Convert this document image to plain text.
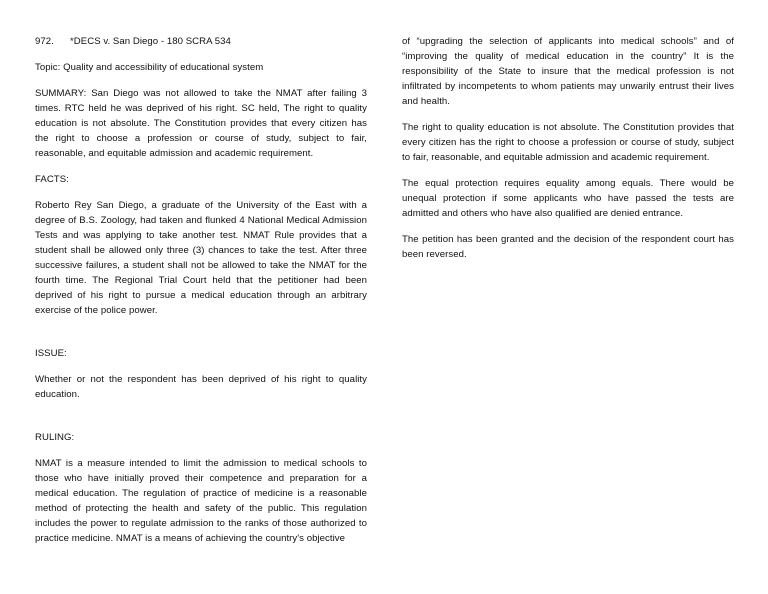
972.	*DECS v. San Diego - 180 SCRA 534

Topic: Quality and accessibility of educational system

SUMMARY: San Diego was not allowed to take the NMAT after failing 3 times. RTC held he was deprived of his right. SC held, The right to quality education is not absolute. The Constitution provides that every citizen has the right to choose a profession or course of study, subject to fair, reasonable, and equitable admission and academic requirement.

FACTS:

Roberto Rey San Diego, a graduate of the University of the East with a degree of B.S. Zoology, had taken and flunked 4 National Medical Admission Tests and was applying to take another test. NMAT Rule provides that a student shall be allowed only three (3) chances to take the test. After three successive failures, a student shall not be allowed to take the NMAT for the fourth time. The Regional Trial Court held that the petitioner had been deprived of his right to pursue a medical education through an arbitrary exercise of the police power.

ISSUE:

Whether or not the respondent has been deprived of his right to quality education.

RULING:

NMAT is a measure intended to limit the admission to medical schools to those who have initially proved their competence and preparation for a medical education. The regulation of practice of medicine is a reasonable method of protecting the health and safety of the public. This regulation includes the power to regulate admission to the ranks of those authorized to practice medicine. NMAT is a means of achieving the country's objective

of “upgrading the selection of applicants into medical schools” and of “improving the quality of medical education in the country” It is the responsibility of the State to insure that the medical profession is not infiltrated by incompetents to whom patients may unwarily entrust their lives and health.

The right to quality education is not absolute. The Constitution provides that every citizen has the right to choose a profession or course of study, subject to fair, reasonable, and equitable admission and academic requirement.

The equal protection requires equality among equals. There would be unequal protection if some applicants who have passed the tests are admitted and others who have also qualified are denied entrance.

The petition has been granted and the decision of the respondent court has been reversed.
